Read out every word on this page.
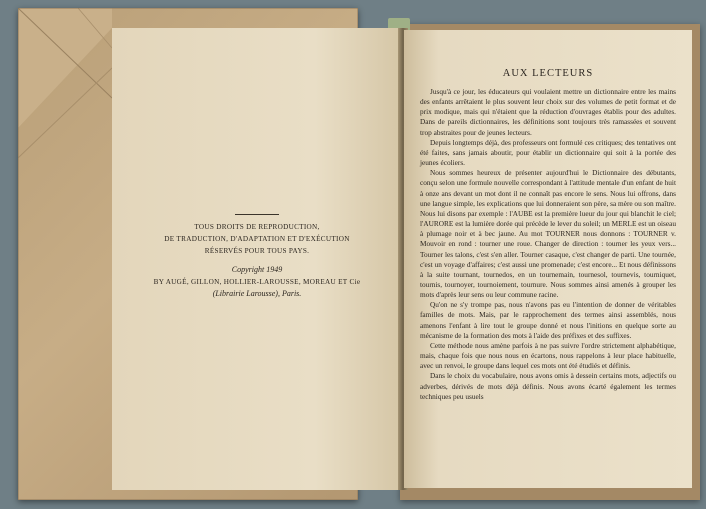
TOUS DROITS DE REPRODUCTION,
DE TRADUCTION, D'ADAPTATION ET D'EXÉCUTION
RÉSERVÉS POUR TOUS PAYS.
Copyright 1949
BY AUGÉ, GILLON, HOLLIER-LAROUSSE, MOREAU ET Cie
(Librairie Larousse), Paris.
AUX LECTEURS

Jusqu'à ce jour, les éducateurs qui voulaient mettre un dictionnaire entre les mains des enfants arrêtaient le plus souvent leur choix sur des volumes de petit format et de prix modique, mais qui n'étaient que la réduction d'ouvrages établis pour des adultes. Dans de pareils dictionnaires, les définitions sont toujours très ramassées et souvent trop abstraites pour de jeunes lecteurs.

Depuis longtemps déjà, des professeurs ont formulé ces critiques; des tentatives ont été faites, sans jamais aboutir, pour établir un dictionnaire qui soit à la portée des jeunes écoliers.

Nous sommes heureux de présenter aujourd'hui le Dictionnaire des débutants, conçu selon une formule nouvelle correspondant à l'attitude mentale d'un enfant de huit à onze ans devant un mot dont il ne connaît pas encore le sens. Nous lui offrons, dans une langue simple, les explications que lui donneraient son père, sa mère ou son maître. Nous lui disons par exemple : l'AUBE est la première lueur du jour qui blanchit le ciel; l'AURORE est la lumière dorée qui précède le lever du soleil; un MERLE est un oiseau à plumage noir et à bec jaune. Au mot TOURNER nous donnons : TOURNER v. Mouvoir en rond : tourner une roue. Changer de direction : tourner les yeux vers... Tourner les talons, c'est s'en aller. Tourner casaque, c'est changer de parti. Une tournée, c'est un voyage d'affaires; c'est aussi une promenade; c'est encore... Et nous définissons à la suite tournant, tournedos, en un tournemain, tournesol, tournevis, tourniquet, tournis, tournoyer, tournoiement, tournure. Nous sommes ainsi amenés à grouper les mots d'après leur sens ou leur commune racine.

Qu'on ne s'y trompe pas, nous n'avons pas eu l'intention de donner de véritables familles de mots. Mais, par le rapprochement des termes ainsi assemblés, nous amenons l'enfant à lire tout le groupe donné et nous l'initions en quelque sorte au mécanisme de la formation des mots à l'aide des préfixes et des suffixes.

Cette méthode nous amène parfois à ne pas suivre l'ordre strictement alphabétique, mais, chaque fois que nous nous en écartons, nous rappelons à leur place habituelle, avec un renvoi, le groupe dans lequel ces mots ont été étudiés et définis.

Dans le choix du vocabulaire, nous avons omis à dessein certains mots, adjectifs ou adverbes, dérivés de mots déjà définis. Nous avons écarté également les termes techniques peu usuels
